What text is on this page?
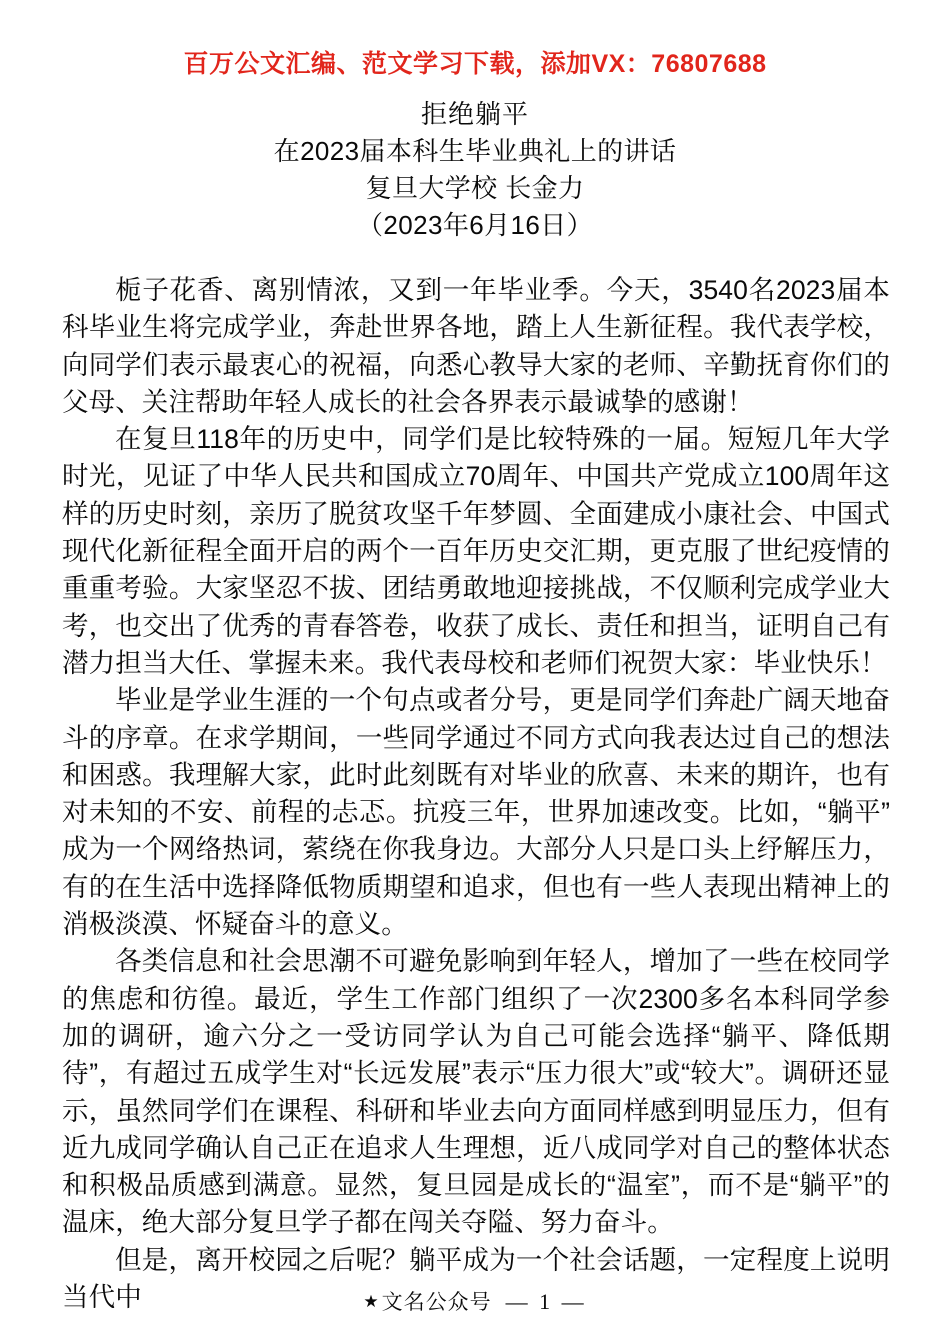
百万公文汇编、范文学习下载，添加VX：76807688
拒绝躺平
在2023届本科生毕业典礼上的讲话
复旦大学校 长金力
（2023年6月16日）

栀子花香、离别情浓，又到一年毕业季。今天，3540名2023届本科毕业生将完成学业，奔赴世界各地，踏上人生新征程。我代表学校，向同学们表示最衷心的祝福，向悉心教导大家的老师、辛勤抚育你们的父母、关注帮助年轻人成长的社会各界表示最诚挚的感谢！

在复旦118年的历史中，同学们是比较特殊的一届。短短几年大学时光，见证了中华人民共和国成立70周年、中国共产党成立100周年这样的历史时刻，亲历了脱贫攻坚千年梦圆、全面建成小康社会、中国式现代化新征程全面开启的两个一百年历史交汇期，更克服了世纪疫情的重重考验。大家坚忍不拔、团结勇敢地迎接挑战，不仅顺利完成学业大考，也交出了优秀的青春答卷，收获了成长、责任和担当，证明自己有潜力担当大任、掌握未来。我代表母校和老师们祝贺大家：毕业快乐！

毕业是学业生涯的一个句点或者分号，更是同学们奔赴广阔天地奋斗的序章。在求学期间，一些同学通过不同方式向我表达过自己的想法和困惑。我理解大家，此时此刻既有对毕业的欣喜、未来的期许，也有对未知的不安、前程的忐忑。抗疫三年，世界加速改变。比如，“躺平”成为一个网络热词，萦绕在你我身边。大部分人只是口头上纾解压力，有的在生活中选择降低物质期望和追求，但也有一些人表现出精神上的消极淡漠、怀疑奋斗的意义。

各类信息和社会思潮不可避免影响到年轻人，增加了一些在校同学的焦虑和彷徨。最近，学生工作部门组织了一次2300多名本科同学参加的调研，逾六分之一受访同学认为自己可能会选择“躺平、降低期待”，有超过五成学生对“长远发展”表示“压力很大”或“较大”。调研还显示，虽然同学们在课程、科研和毕业去向方面同样感到明显压力，但有近九成同学确认自己正在追求人生理想，近八成同学对自己的整体状态和积极品质感到满意。显然，复旦园是成长的“温室”，而不是“躺平”的温床，绝大部分复旦学子都在闯关夺隘、努力奋斗。

但是，离开校园之后呢？躺平成为一个社会话题，一定程度上说明当代中	★ 文名公众号 — 1 —
